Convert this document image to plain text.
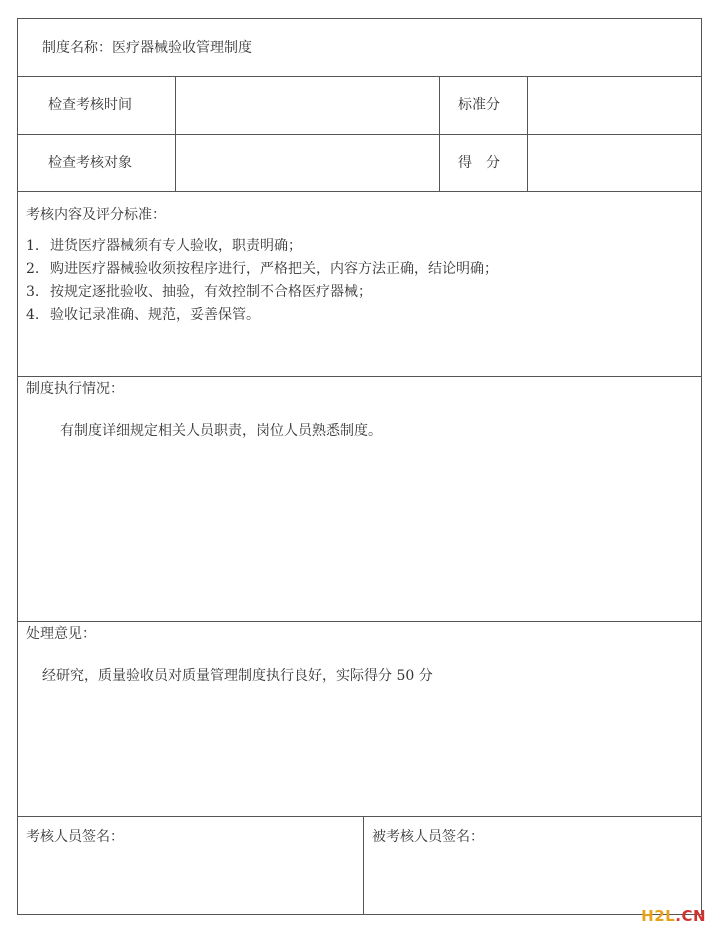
制度名称：医疗器械验收管理制度
检查考核时间	标准分
检查考核对象	得　分
考核内容及评分标准：
1. 进货医疗器械须有专人验收，职责明确；
2. 购进医疗器械验收须按程序进行，严格把关，内容方法正确，结论明确；
3. 按规定逐批验收、抽验，有效控制不合格医疗器械；
4. 验收记录准确、规范，妥善保管。
制度执行情况：
有制度详细规定相关人员职责，岗位人员熟悉制度。
处理意见：
经研究，质量验收员对质量管理制度执行良好，实际得分 50 分
考核人员签名：	被考核人员签名：
H2L.CN
